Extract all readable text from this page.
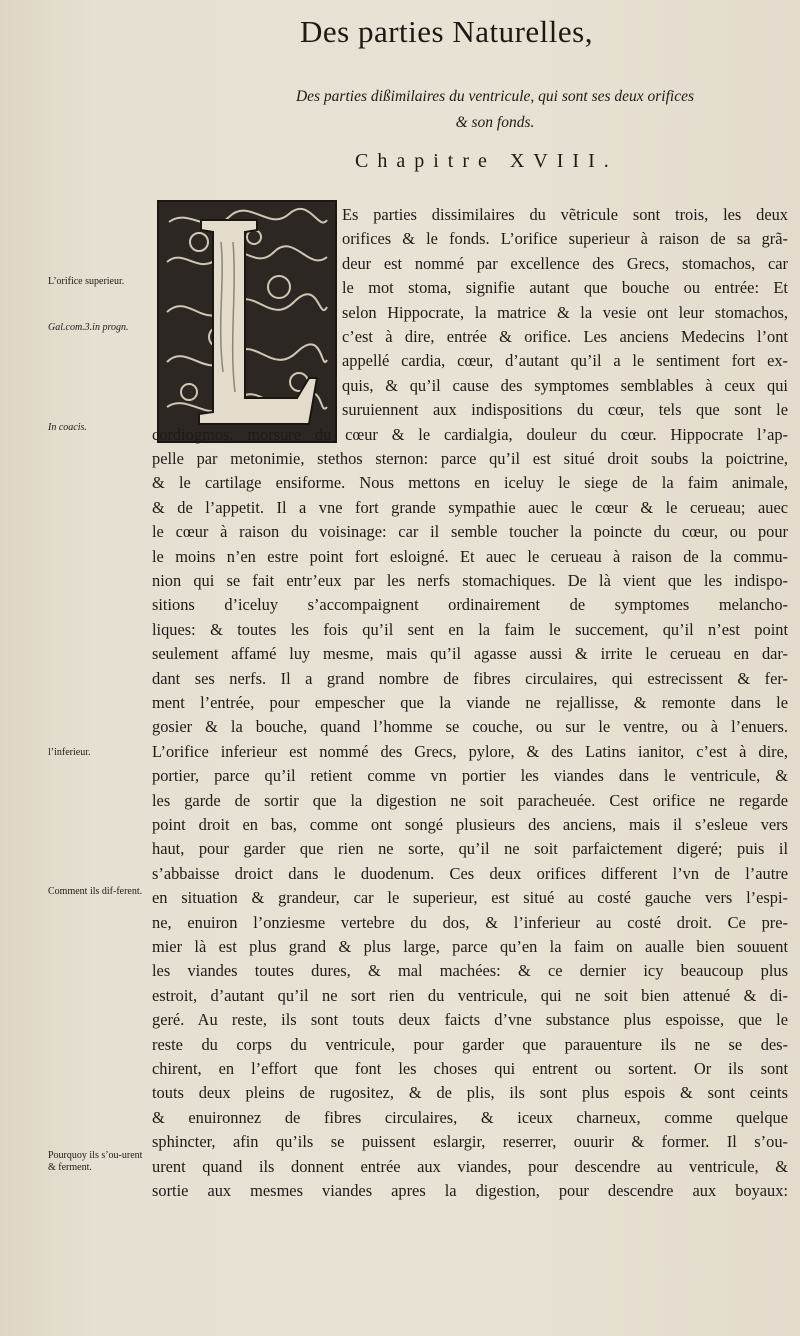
Des parties Naturelles,
Des parties dißimilaires du ventricule, qui sont ses deux orifices
& son fonds.
Chapitre XVIII.
L’orifice superieur.
Gal.com.3.in progn.
In coacis.
l’inferieur.
Comment ils dif-ferent.
Pourquoy ils s’ou-urent & ferment.
Es parties dissimilaires du vẽtricule sont trois, les deux
orifices & le fonds. L’orifice superieur à raison de sa grã-
deur est nommé par excellence des Grecs, stomachos, car
le mot stoma, signifie autant que bouche ou entrée: Et
selon Hippocrate, la matrice & la vesie ont leur stomachos,
c’est à dire, entrée & orifice. Les anciens Medecins l’ont
appellé cardia, cœur, d’autant qu’il a le sentiment fort ex-
quis, & qu’il cause des symptomes semblables à ceux qui
suruiennent aux indispositions du cœur, tels que sont le
cordiogmos, morsure du cœur & le cardialgia, douleur du cœur. Hippocrate l’ap-
pelle par metonimie, stethos sternon: parce qu’il est situé droit soubs la poictrine,
& le cartilage ensiforme. Nous mettons en iceluy le siege de la faim animale,
& de l’appetit. Il a vne fort grande sympathie auec le cœur & le cerueau; auec
le cœur à raison du voisinage: car il semble toucher la poincte du cœur, ou pour
le moins n’en estre point fort esloigné. Et auec le cerueau à raison de la commu-
nion qui se fait entr’eux par les nerfs stomachiques. De là vient que les indispo-
sitions d’iceluy s’accompaignent ordinairement de symptomes melancho-
liques: & toutes les fois qu’il sent en la faim le succement, qu’il n’est point
seulement affamé luy mesme, mais qu’il agasse aussi & irrite le cerueau en dar-
dant ses nerfs. Il a grand nombre de fibres circulaires, qui estrecissent & fer-
ment l’entrée, pour empescher que la viande ne rejallisse, & remonte dans le
gosier & la bouche, quand l’homme se couche, ou sur le ventre, ou à l’enuers.
L’orifice inferieur est nommé des Grecs, pylore, & des Latins ianitor, c’est à dire,
portier, parce qu’il retient comme vn portier les viandes dans le ventricule, &
les garde de sortir que la digestion ne soit paracheuée. Cest orifice ne regarde
point droit en bas, comme ont songé plusieurs des anciens, mais il s’esleue vers
haut, pour garder que rien ne sorte, qu’il ne soit parfaictement digeré; puis il
s’abbaisse droict dans le duodenum. Ces deux orifices different l’vn de l’autre
en situation & grandeur, car le superieur, est situé au costé gauche vers l’espi-
ne, enuiron l’onziesme vertebre du dos, & l’inferieur au costé droit. Ce pre-
mier là est plus grand & plus large, parce qu’en la faim on aualle bien souuent
les viandes toutes dures, & mal machées: & ce dernier icy beaucoup plus
estroit, d’autant qu’il ne sort rien du ventricule, qui ne soit bien attenué & di-
geré. Au reste, ils sont touts deux faicts d’vne substance plus espoisse, que le
reste du corps du ventricule, pour garder que parauenture ils ne se des-
chirent, en l’effort que font les choses qui entrent ou sortent. Or ils sont
touts deux pleins de rugositez, & de plis, ils sont plus espois & sont ceints
& enuironnez de fibres circulaires, & iceux charneux, comme quelque
sphincter, afin qu’ils se puissent eslargir, reserrer, ouurir & former. Il s’ou-
urent quand ils donnent entrée aux viandes, pour descendre au ventricule, &
sortie aux mesmes viandes apres la digestion, pour descendre aux boyaux:
